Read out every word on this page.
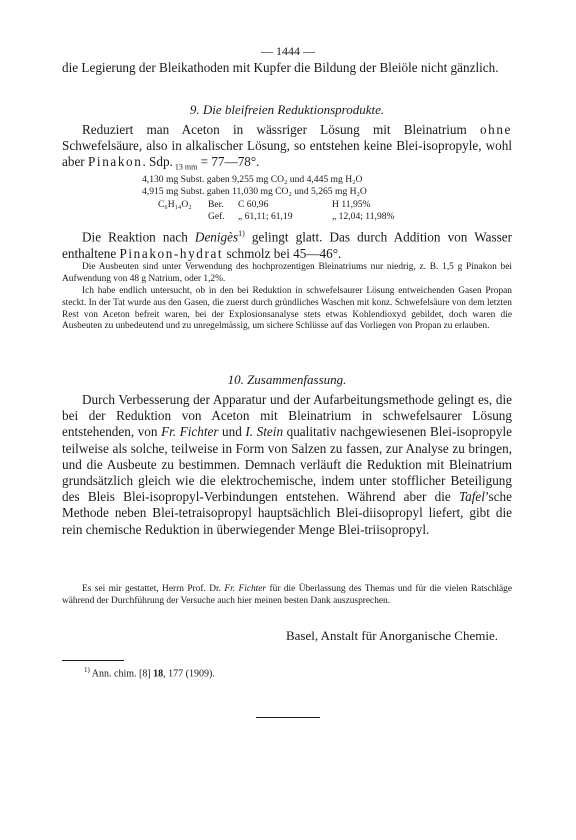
— 1444 —
die Legierung der Bleikathoden mit Kupfer die Bildung der Bleiöle nicht gänzlich.
9. Die bleifreien Reduktionsprodukte.
Reduziert man Aceton in wässriger Lösung mit Bleinatrium ohne Schwefelsäure, also in alkalischer Lösung, so entstehen keine Blei-isopropyle, wohl aber Pinakon. Sdp. $_{13 mm}$ = 77—78°.
4,130 mg Subst. gaben 9,255 mg CO₂ und 4,445 mg H₂O
4,915 mg Subst. gaben 11,030 mg CO₂ und 5,265 mg H₂O
C₆H₁₄O₂ Ber. C 60,96	H 11,95%
Gef. „ 61,11; 61,19	„ 12,04; 11,98%
Die Reaktion nach Denigès$^{1)}$ gelingt glatt. Das durch Addition von Wasser enthaltene Pinakon-hydrat schmolz bei 45—46°.
Die Ausbeuten sind unter Verwendung des hochprozentigen Bleinatriums nur niedrig, z. B. 1,5 g Pinakon bei Aufwendung von 48 g Natrium, oder 1,2%.
Ich habe endlich untersucht, ob in den bei Reduktion in schwefelsaurer Lösung entweichenden Gasen Propan steckt. In der Tat wurde aus den Gasen, die zuerst durch gründliches Waschen mit konz. Schwefelsäure von dem letzten Rest von Aceton befreit waren, bei der Explosionsanalyse stets etwas Kohlendioxyd gebildet, doch waren die Ausbeuten zu unbedeutend und zu unregelmässig, um sichere Schlüsse auf das Vorliegen von Propan zu erlauben.
10. Zusammenfassung.
Durch Verbesserung der Apparatur und der Aufarbeitungsmethode gelingt es, die bei der Reduktion von Aceton mit Bleinatrium in schwefelsaurer Lösung entstehenden, von Fr. Fichter und I. Stein qualitativ nachgewiesenen Blei-isopropyle teilweise als solche, teilweise in Form von Salzen zu fassen, zur Analyse zu bringen, und die Ausbeute zu bestimmen. Demnach verläuft die Reduktion mit Bleinatrium grundsätzlich gleich wie die elektrochemische, indem unter stofflicher Beteiligung des Bleis Blei-isopropyl-Verbindungen entstehen. Während aber die Tafel’sche Methode neben Blei-tetraisopropyl hauptsächlich Blei-diisopropyl liefert, gibt die rein chemische Reduktion in überwiegender Menge Blei-triisopropyl.
Es sei mir gestattet, Herrn Prof. Dr. Fr. Fichter für die Überlassung des Themas und für die vielen Ratschläge während der Durchführung der Versuche auch hier meinen besten Dank auszusprechen.
Basel, Anstalt für Anorganische Chemie.
$^{1)}$ Ann. chim. [8] 18, 177 (1909).
